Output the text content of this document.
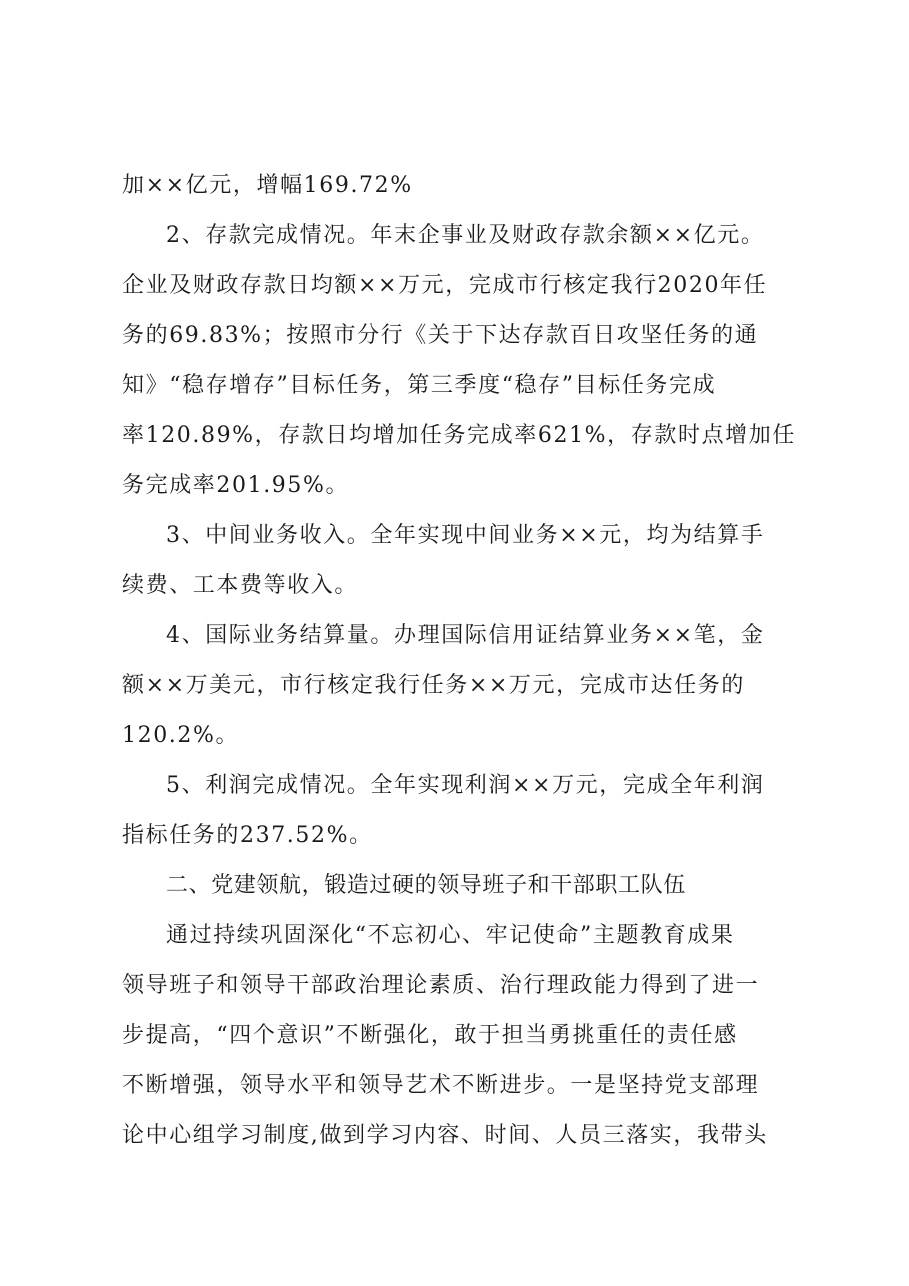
加××亿元，增幅169.72%
2、存款完成情况。年末企事业及财政存款余额××亿元。
企业及财政存款日均额××万元，完成市行核定我行2020年任
务的69.83%；按照市分行《关于下达存款百日攻坚任务的通
知》“稳存增存”目标任务，第三季度“稳存”目标任务完成
率120.89%，存款日均增加任务完成率621%，存款时点增加任
务完成率201.95%。
3、中间业务收入。全年实现中间业务××元，均为结算手
续费、工本费等收入。
4、国际业务结算量。办理国际信用证结算业务××笔，金
额××万美元，市行核定我行任务××万元，完成市达任务的
120.2%。
5、利润完成情况。全年实现利润××万元，完成全年利润
指标任务的237.52%。
二、党建领航，锻造过硬的领导班子和干部职工队伍
通过持续巩固深化“不忘初心、牢记使命”主题教育成果
领导班子和领导干部政治理论素质、治行理政能力得到了进一
步提高，“四个意识”不断强化，敢于担当勇挑重任的责任感
不断增强，领导水平和领导艺术不断进步。一是坚持党支部理
论中心组学习制度,做到学习内容、时间、人员三落实，我带头
